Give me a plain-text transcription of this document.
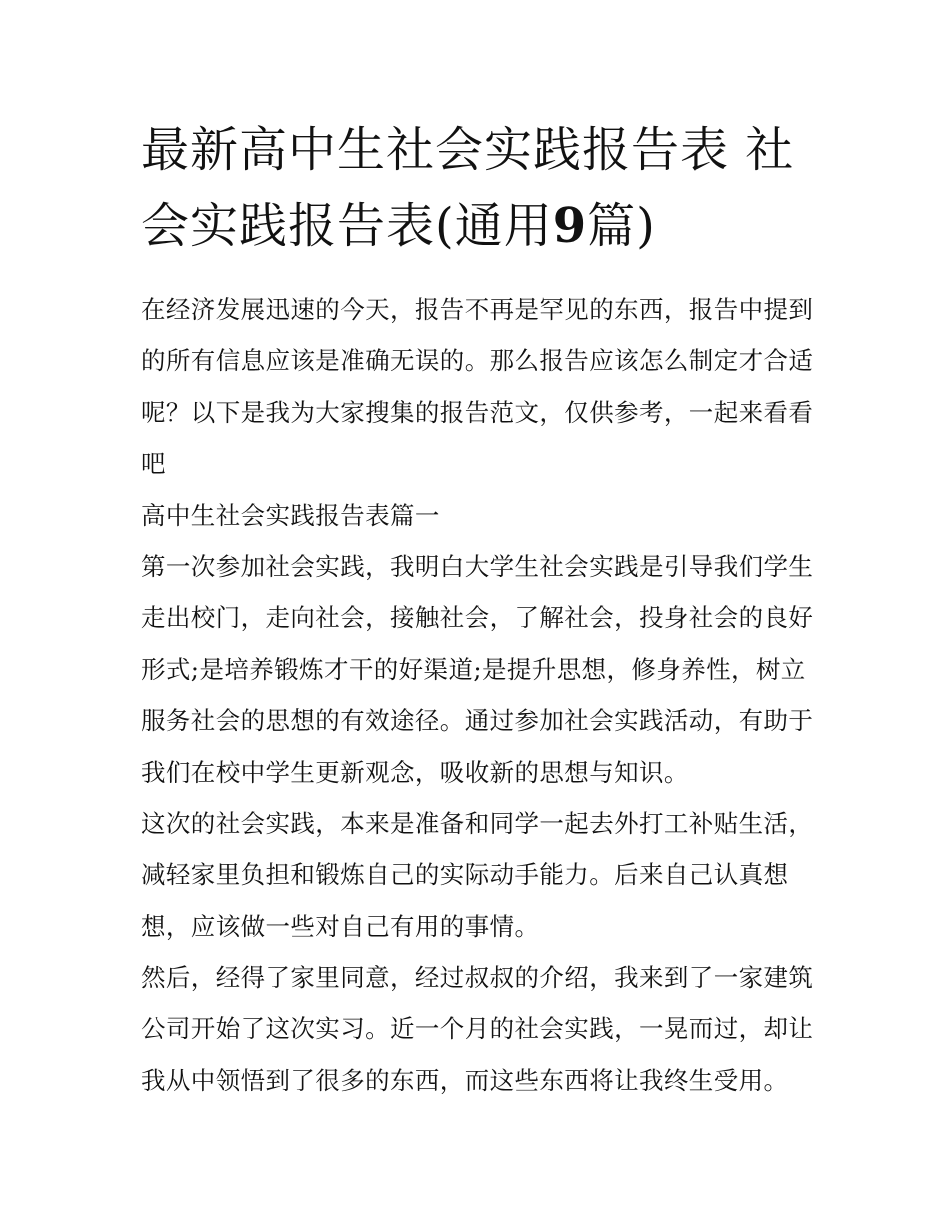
最新高中生社会实践报告表 社
会实践报告表(通用9篇)
在经济发展迅速的今天，报告不再是罕见的东西，报告中提到
的所有信息应该是准确无误的。那么报告应该怎么制定才合适
呢？以下是我为大家搜集的报告范文，仅供参考，一起来看看
吧
高中生社会实践报告表篇一
第一次参加社会实践，我明白大学生社会实践是引导我们学生
走出校门，走向社会，接触社会，了解社会，投身社会的良好
形式;是培养锻炼才干的好渠道;是提升思想，修身养性，树立
服务社会的思想的有效途径。通过参加社会实践活动，有助于
我们在校中学生更新观念，吸收新的思想与知识。
这次的社会实践，本来是准备和同学一起去外打工补贴生活，
减轻家里负担和锻炼自己的实际动手能力。后来自己认真想
想，应该做一些对自己有用的事情。
然后，经得了家里同意，经过叔叔的介绍，我来到了一家建筑
公司开始了这次实习。近一个月的社会实践，一晃而过，却让
我从中领悟到了很多的东西，而这些东西将让我终生受用。
